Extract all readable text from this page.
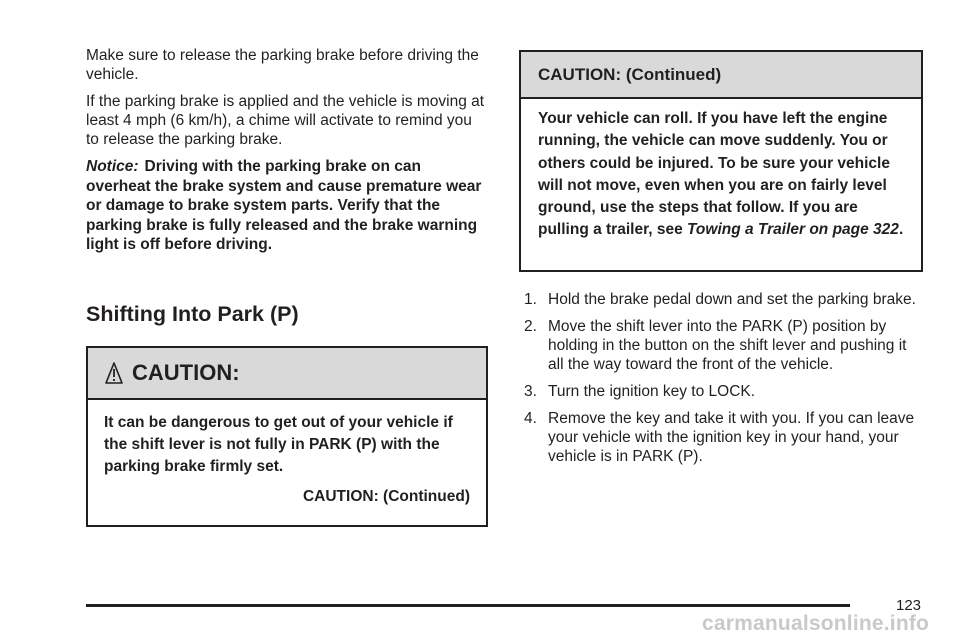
Make sure to release the parking brake before driving the vehicle.

If the parking brake is applied and the vehicle is moving at least 4 mph (6 km/h), a chime will activate to remind you to release the parking brake.

Notice: Driving with the parking brake on can overheat the brake system and cause premature wear or damage to brake system parts. Verify that the parking brake is fully released and the brake warning light is off before driving.

Shifting Into Park (P)
CAUTION:
It can be dangerous to get out of your vehicle if the shift lever is not fully in PARK (P) with the parking brake firmly set.
CAUTION: (Continued)
CAUTION: (Continued)
Your vehicle can roll. If you have left the engine running, the vehicle can move suddenly. You or others could be injured. To be sure your vehicle will not move, even when you are on fairly level ground, use the steps that follow. If you are pulling a trailer, see Towing a Trailer on page 322.
1. Hold the brake pedal down and set the parking brake.
2. Move the shift lever into the PARK (P) position by holding in the button on the shift lever and pushing it all the way toward the front of the vehicle.
3. Turn the ignition key to LOCK.
4. Remove the key and take it with you. If you can leave your vehicle with the ignition key in your hand, your vehicle is in PARK (P).
123
carmanualsonline.info
